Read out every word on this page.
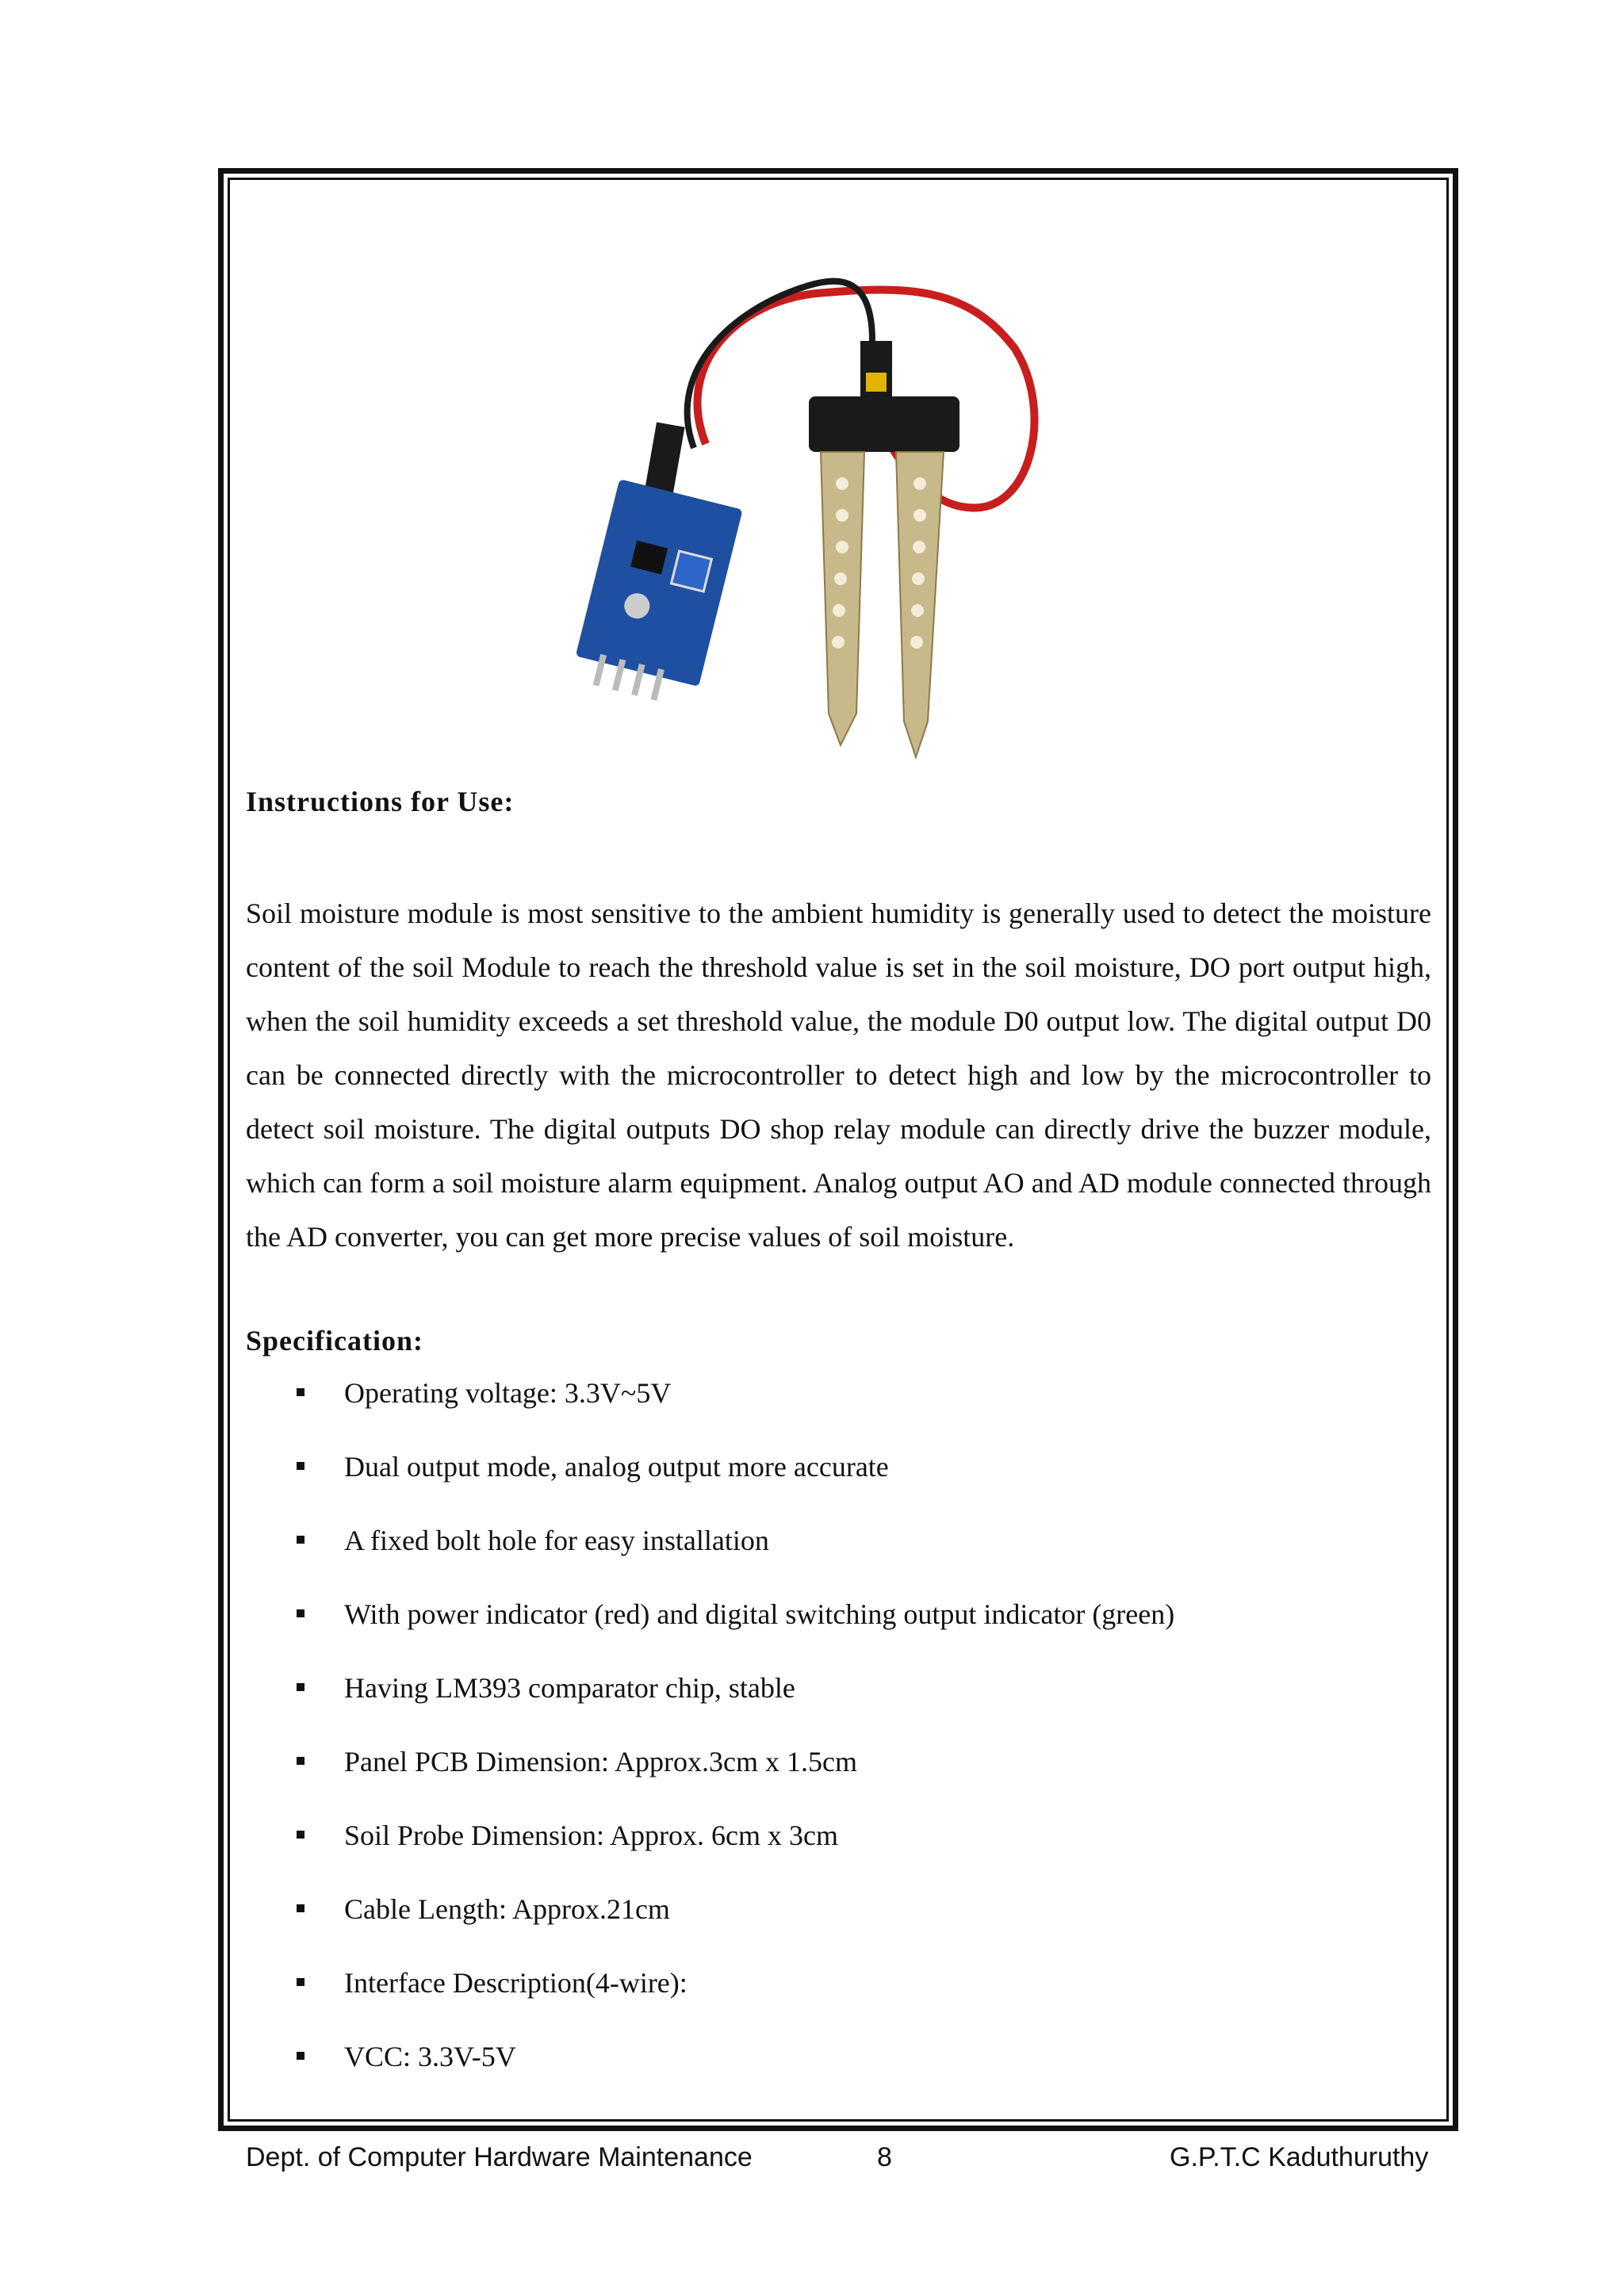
Instructions for Use:
Soil moisture module is most sensitive to the ambient humidity is generally used to detect the moisture content of the soil Module to reach the threshold value is set in the soil moisture, DO port output high, when the soil humidity exceeds a set threshold value, the module D0 output low. The digital output D0 can be connected directly with the microcontroller to detect high and low by the microcontroller to detect soil moisture. The digital outputs DO shop relay module can directly drive the buzzer module, which can form a soil moisture alarm equipment. Analog output AO and AD module connected through the AD converter, you can get more precise values of soil moisture.
Specification:
Operating voltage: 3.3V~5V
Dual output mode, analog output more accurate
A fixed bolt hole for easy installation
With power indicator (red) and digital switching output indicator (green)
Having LM393 comparator chip, stable
Panel PCB Dimension: Approx.3cm x 1.5cm
Soil Probe Dimension: Approx. 6cm x 3cm
Cable Length: Approx.21cm
Interface Description(4-wire):
VCC: 3.3V-5V
Dept. of Computer Hardware Maintenance	8	G.P.T.C Kaduthuruthy
